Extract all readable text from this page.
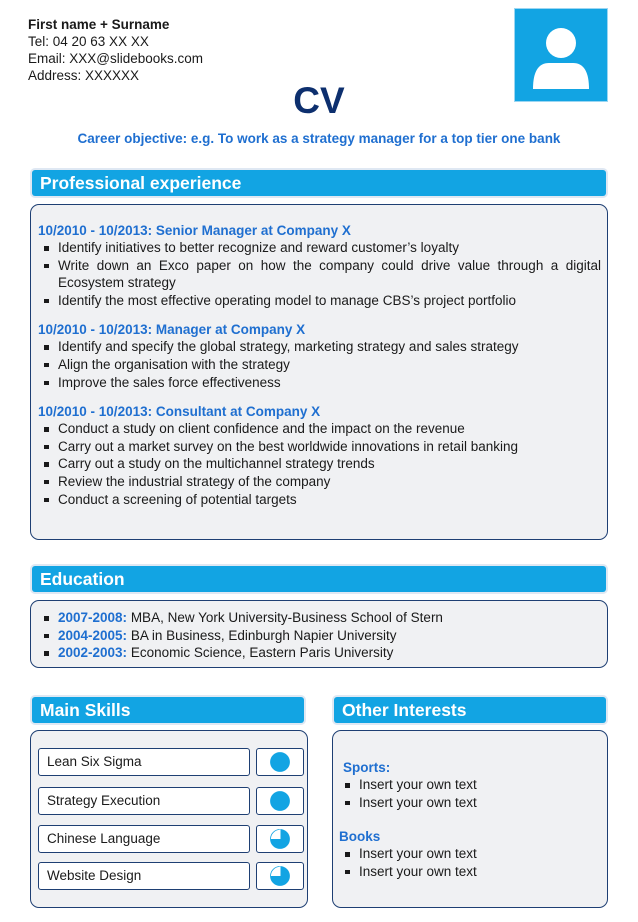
First name + Surname
Tel: 04 20 63 XX XX
Email: XXX@slidebooks.com
Address: XXXXXX
CV
Career objective: e.g. To work as a strategy manager for a top tier one bank
Professional experience
10/2010 - 10/2013: Senior Manager at Company X
Identify initiatives to better recognize and reward customer’s loyalty
Write down an Exco paper on how the company could drive value through a digital Ecosystem strategy
Identify the most effective operating model to manage CBS’s project portfolio
10/2010 - 10/2013: Manager at Company X
Identify and specify the global strategy, marketing strategy and sales strategy
Align the organisation with the strategy
Improve the sales force effectiveness
10/2010 - 10/2013: Consultant at Company X
Conduct a study on client confidence and the impact on the revenue
Carry out a market survey on the best worldwide innovations in retail banking
Carry out a study on the multichannel strategy trends
Review the industrial strategy of the company
Conduct a screening of potential targets
Education
2007-2008: MBA, New York University-Business School of Stern
2004-2005: BA in Business, Edinburgh Napier University
2002-2003: Economic Science, Eastern Paris University
Main Skills
Lean Six Sigma
Strategy Execution
Chinese Language
Website Design
Other Interests
Sports:
Insert your own text
Insert your own text
Books
Insert your own text
Insert your own text
